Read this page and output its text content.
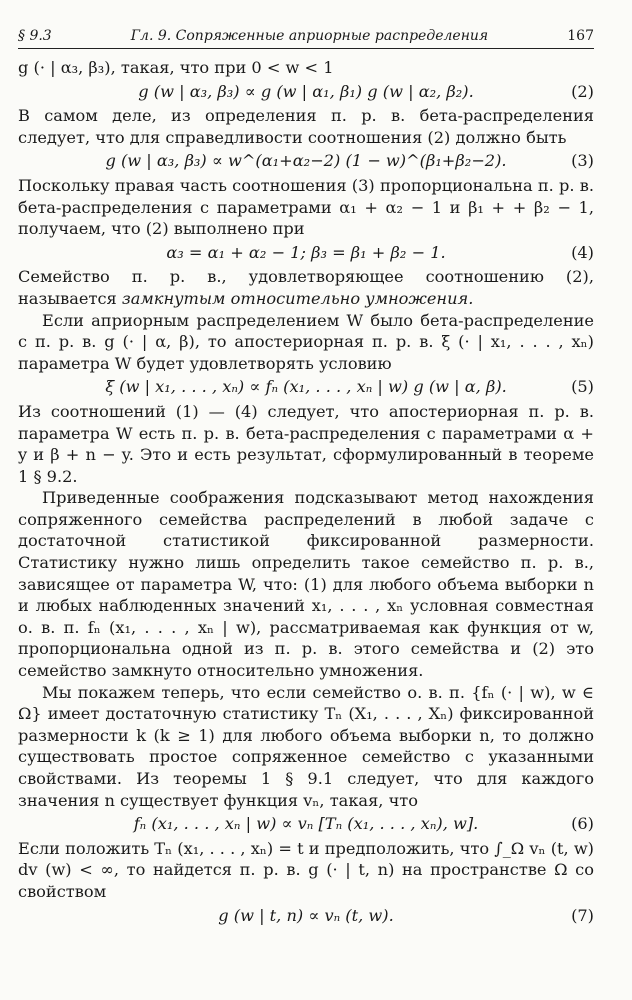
§ 9.3	Гл. 9. Сопряженные априорные распределения	167

g (· | α₃, β₃), такая, что при 0 < w < 1

g (w | α₃, β₃) ∝ g (w | α₁, β₁) g (w | α₂, β₂).	(2)

В самом деле, из определения п. р. в. бета-распределения следует, что для справедливости соотношения (2) должно быть

g (w | α₃, β₃) ∝ w^(α₁+α₂−2) (1 − w)^(β₁+β₂−2).	(3)

Поскольку правая часть соотношения (3) пропорциональна п. р. в. бета-распределения с параметрами α₁ + α₂ − 1 и β₁ + + β₂ − 1, получаем, что (2) выполнено при

α₃ = α₁ + α₂ − 1; β₃ = β₁ + β₂ − 1.	(4)

Семейство п. р. в., удовлетворяющее соотношению (2), называется замкнутым относительно умножения.

Если априорным распределением W было бета-распределение с п. р. в. g (· | α, β), то апостериорная п. р. в. ξ (· | x₁, . . . , xₙ) параметра W будет удовлетворять условию

ξ (w | x₁, . . . , xₙ) ∝ fₙ (x₁, . . . , xₙ | w) g (w | α, β).	(5)

Из соотношений (1) — (4) следует, что апостериорная п. р. в. параметра W есть п. р. в. бета-распределения с параметрами α + y и β + n − y. Это и есть результат, сформулированный в теореме 1 § 9.2.

Приведенные соображения подсказывают метод нахождения сопряженного семейства распределений в любой задаче с достаточной статистикой фиксированной размерности. Статистику нужно лишь определить такое семейство п. р. в., зависящее от параметра W, что: (1) для любого объема выборки n и любых наблюденных значений x₁, . . . , xₙ условная совместная о. в. п. fₙ (x₁, . . . , xₙ | w), рассматриваемая как функция от w, пропорциональна одной из п. р. в. этого семейства и (2) это семейство замкнуто относительно умножения.

Мы покажем теперь, что если семейство о. в. п. {fₙ (· | w), w ∈ Ω} имеет достаточную статистику Tₙ (X₁, . . . , Xₙ) фиксированной размерности k (k ≥ 1) для любого объема выборки n, то должно существовать простое сопряженное семейство с указанными свойствами. Из теоремы 1 § 9.1 следует, что для каждого значения n существует функция vₙ, такая, что

fₙ (x₁, . . . , xₙ | w) ∝ vₙ [Tₙ (x₁, . . . , xₙ), w].	(6)

Если положить Tₙ (x₁, . . . , xₙ) = t и предположить, что ∫_Ω vₙ (t, w) dv (w) < ∞, то найдется п. р. в. g (· | t, n) на пространстве Ω со свойством

g (w | t, n) ∝ vₙ (t, w).	(7)
